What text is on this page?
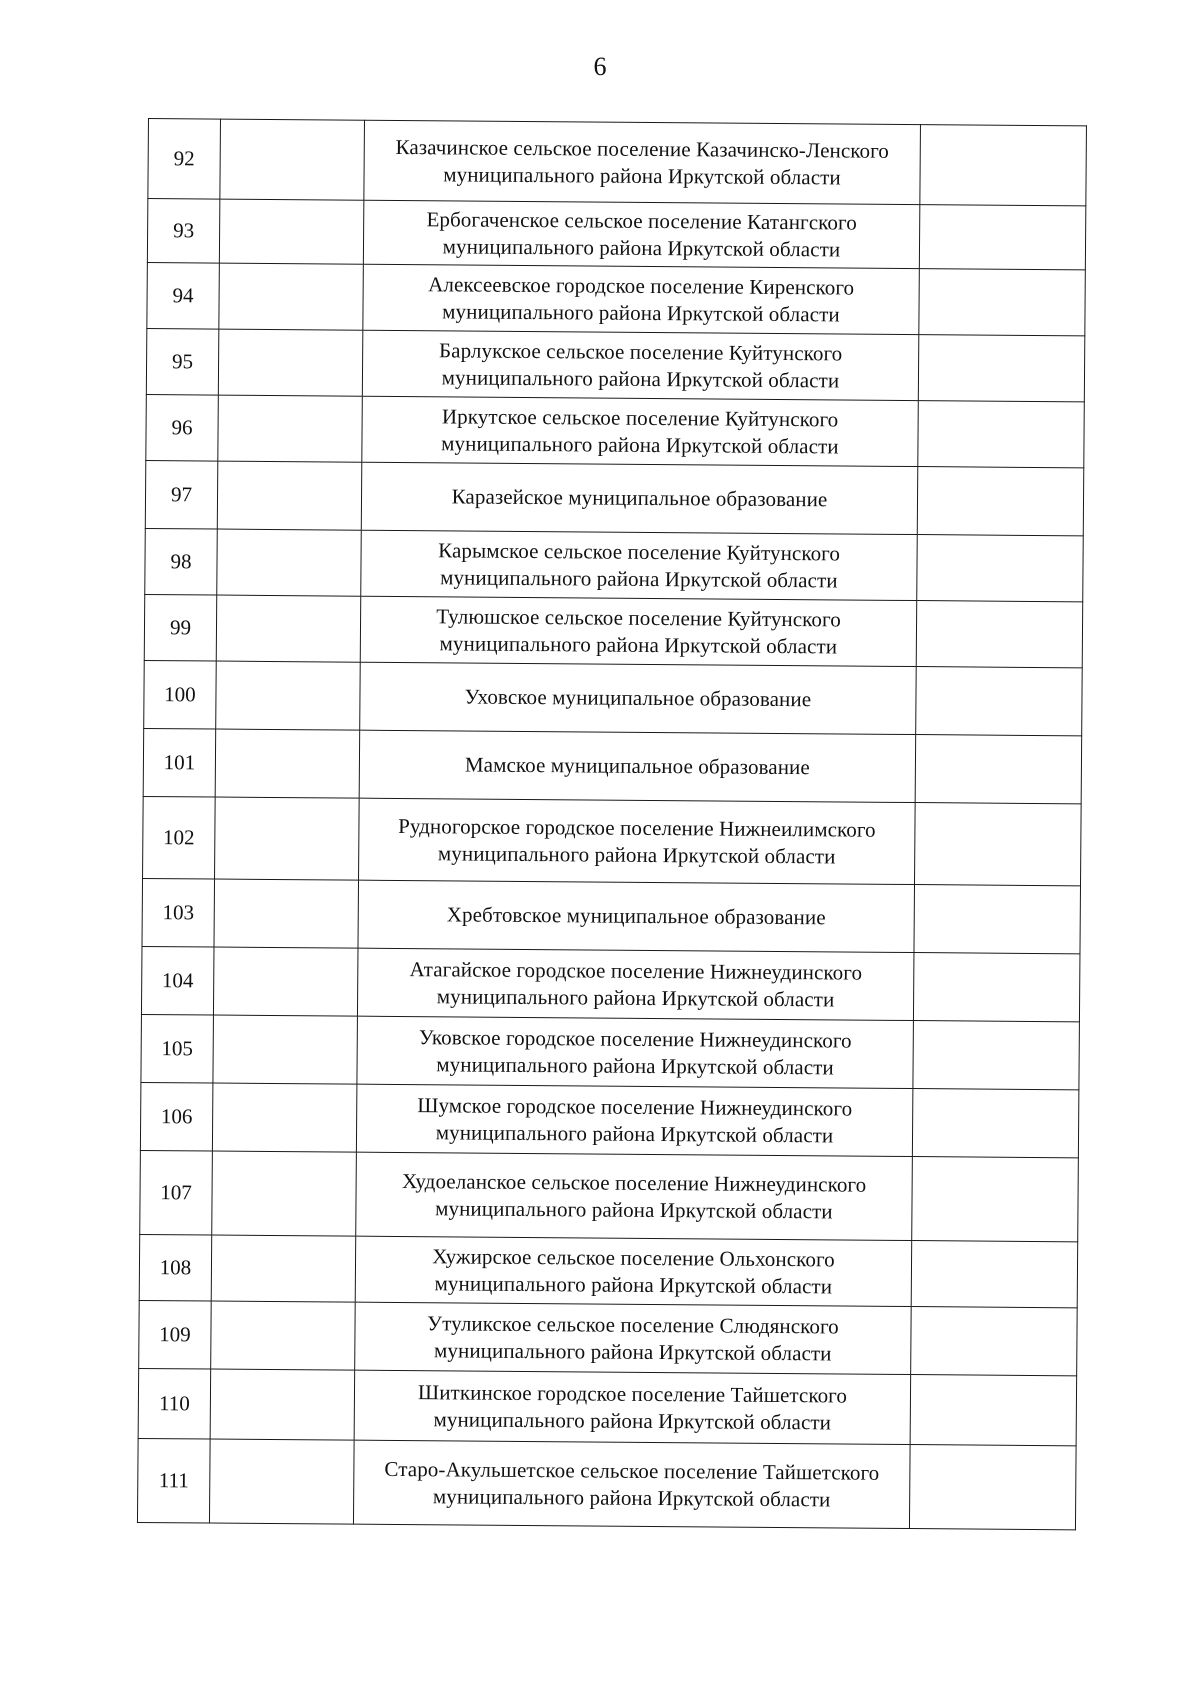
6
92		Казачинское сельское поселение Казачинско-Ленского муниципального района Иркутской области	
93		Ербогаченское сельское поселение Катангского муниципального района Иркутской области	
94		Алексеевское городское поселение Киренского муниципального района Иркутской области	
95		Барлукское сельское поселение Куйтунского муниципального района Иркутской области	
96		Иркутское сельское поселение Куйтунского муниципального района Иркутской области	
97		Каразейское муниципальное образование	
98		Карымское сельское поселение Куйтунского муниципального района Иркутской области	
99		Тулюшское сельское поселение Куйтунского муниципального района Иркутской области	
100		Уховское муниципальное образование	
101		Мамское муниципальное образование	
102		Рудногорское городское поселение Нижнеилимского муниципального района Иркутской области	
103		Хребтовское муниципальное образование	
104		Атагайское городское поселение Нижнеудинского муниципального района Иркутской области	
105		Уковское городское поселение Нижнеудинского муниципального района Иркутской области	
106		Шумское городское поселение Нижнеудинского муниципального района Иркутской области	
107		Худоеланское сельское поселение Нижнеудинского муниципального района Иркутской области	
108		Хужирское сельское поселение Ольхонского муниципального района Иркутской области	
109		Утуликское сельское поселение Слюдянского муниципального района Иркутской области	
110		Шиткинское городское поселение Тайшетского муниципального района Иркутской области	
111		Старо-Акульшетское сельское поселение Тайшетского муниципального района Иркутской области	
